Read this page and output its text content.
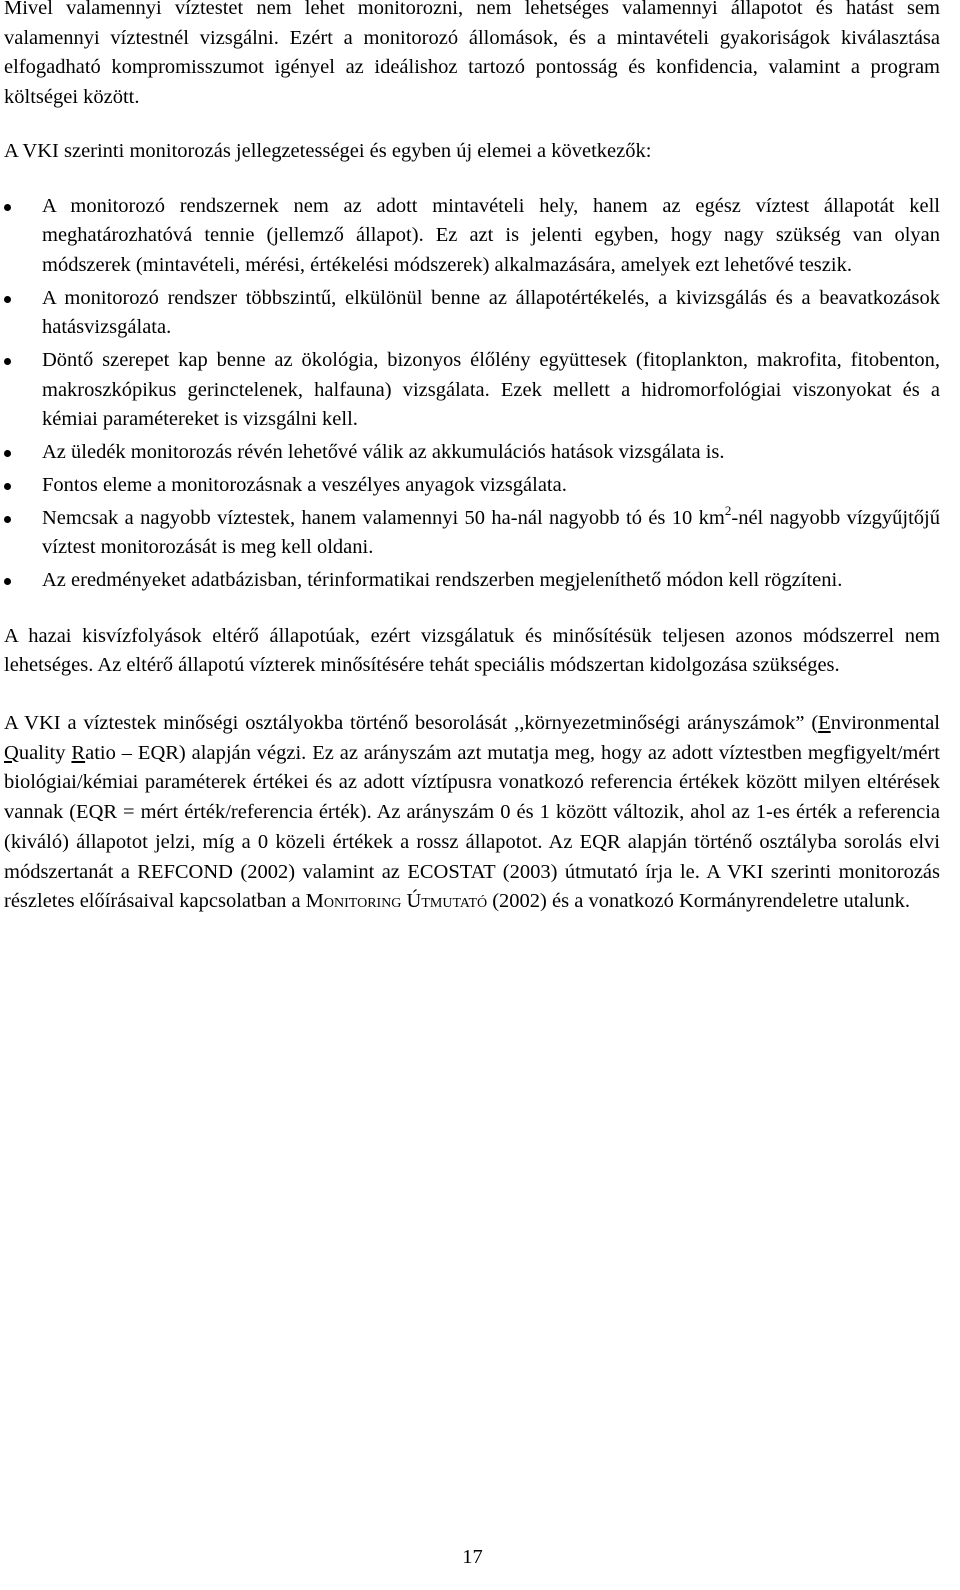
Mivel valamennyi víztestet nem lehet monitorozni, nem lehetséges valamennyi állapotot és hatást sem valamennyi víztestnél vizsgálni. Ezért a monitorozó állomások, és a mintavételi gyakoriságok kiválasztása elfogadható kompromisszumot igényel az ideálishoz tartozó pontosság és konfidencia, valamint a program költségei között.

A VKI szerinti monitorozás jellegzetességei és egyben új elemei a következők:

A monitorozó rendszernek nem az adott mintavételi hely, hanem az egész víztest állapotát kell meghatározhatóvá tennie (jellemző állapot). Ez azt is jelenti egyben, hogy nagy szükség van olyan módszerek (mintavételi, mérési, értékelési módszerek) alkalmazására, amelyek ezt lehetővé teszik.
A monitorozó rendszer többszintű, elkülönül benne az állapotértékelés, a kivizsgálás és a beavatkozások hatásvizsgálata.
Döntő szerepet kap benne az ökológia, bizonyos élőlény együttesek (fitoplankton, makrofita, fitobenton, makroszkópikus gerinctelenek, halfauna) vizsgálata. Ezek mellett a hidromorfológiai viszonyokat és a kémiai paramétereket is vizsgálni kell.
Az üledék monitorozás révén lehetővé válik az akkumulációs hatások vizsgálata is.
Fontos eleme a monitorozásnak a veszélyes anyagok vizsgálata.
Nemcsak a nagyobb víztestek, hanem valamennyi 50 ha-nál nagyobb tó és 10 $km^2$-nél nagyobb vízgyűjtőjű víztest monitorozását is meg kell oldani.
Az eredményeket adatbázisban, térinformatikai rendszerben megjeleníthető módon kell rögzíteni.

A hazai kisvízfolyások eltérő állapotúak, ezért vizsgálatuk és minősítésük teljesen azonos módszerrel nem lehetséges. Az eltérő állapotú vízterek minősítésére tehát speciális módszertan kidolgozása szükséges.

A VKI a víztestek minőségi osztályokba történő besorolását ,,környezetminőségi arányszámok” (Environmental Quality Ratio – EQR) alapján végzi. Ez az arányszám azt mutatja meg, hogy az adott víztestben megfigyelt/mért biológiai/kémiai paraméterek értékei és az adott víztípusra vonatkozó referencia értékek között milyen eltérések vannak (EQR = mért érték/referencia érték). Az arányszám 0 és 1 között változik, ahol az 1-es érték a referencia (kiváló) állapotot jelzi, míg a 0 közeli értékek a rossz állapotot. Az EQR alapján történő osztályba sorolás elvi módszertanát a REFCOND (2002) valamint az ECOSTAT (2003) útmutató írja le. A VKI szerinti monitorozás részletes előírásaival kapcsolatban a Monitoring Útmutató (2002) és a vonatkozó Kormányrendeletre utalunk.

17
